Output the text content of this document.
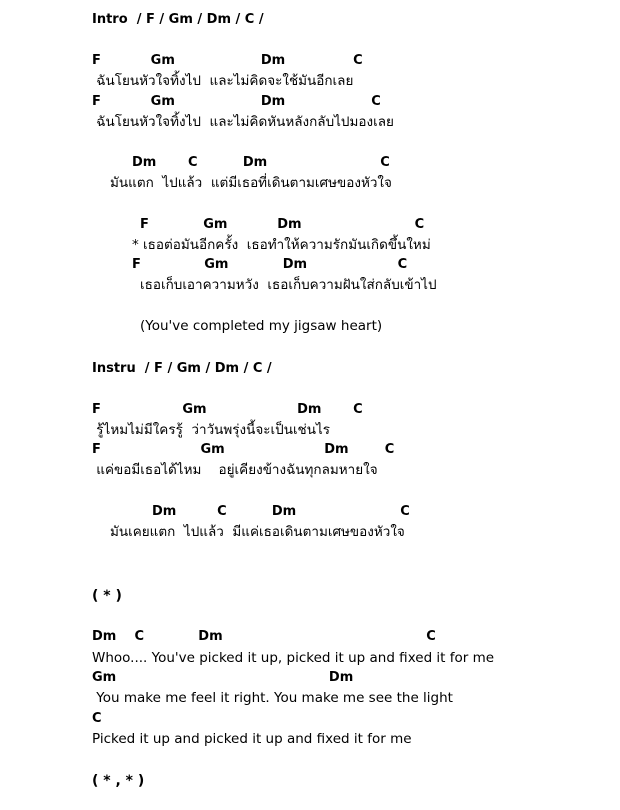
Intro  / F / Gm / Dm / C /
F           Gm                   Dm               C
ฉันโยนหัวใจทิ้งไป  และไม่คิดจะใช้มันอีกเลย
F           Gm                   Dm                   C
ฉันโยนหัวใจทิ้งไป  และไม่คิดหันหลังกลับไปมองเลย
Dm       C          Dm                         C
มันแตก  ไปแล้ว  แต่มีเธอที่เดินตามเศษของหัวใจ
F            Gm           Dm                         C
* เธอต่อมันอีกครั้ง  เธอทำให้ความรักมันเกิดขึ้นใหม่
F              Gm            Dm                    C
เธอเก็บเอาความหวัง  เธอเก็บความฝันใส่กลับเข้าไป
(You've completed my jigsaw heart)
Instru  / F / Gm / Dm / C /
F                  Gm                    Dm       C
รู้ไหมไม่มีใครรู้  ว่าวันพรุ่งนี้จะเป็นเช่นไร
F                      Gm                      Dm        C
แค่ขอมีเธอได้ไหม    อยู่เคียงข้างฉันทุกลมหายใจ
Dm         C          Dm                       C
มันเคยแตก  ไปแล้ว  มีแค่เธอเดินตามเศษของหัวใจ
( * )
Dm    C            Dm                                             C
Whoo.... You've picked it up, picked it up and fixed it for me
Gm                                               Dm
You make me feel it right. You make me see the light
C
Picked it up and picked it up and fixed it for me
( * , * )
